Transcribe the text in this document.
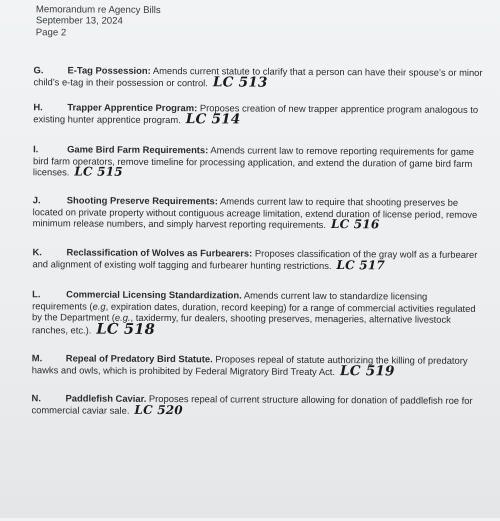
Memorandum re Agency Bills
September 13, 2024
Page 2

G.	E-Tag Possession: Amends current statute to clarify that a person can have their spouse’s or minor child’s e-tag in their possession or control. LC 513

H.	Trapper Apprentice Program: Proposes creation of new trapper apprentice program analogous to existing hunter apprentice program. LC 514

I.	Game Bird Farm Requirements: Amends current law to remove reporting requirements for game bird farm operators, remove timeline for processing application, and extend the duration of game bird farm licenses. LC 515

J.	Shooting Preserve Requirements: Amends current law to require that shooting preserves be located on private property without contiguous acreage limitation, extend duration of license period, remove minimum release numbers, and simply harvest reporting requirements. LC 516

K.	Reclassification of Wolves as Furbearers: Proposes classification of the gray wolf as a furbearer and alignment of existing wolf tagging and furbearer hunting restrictions. LC 517

L.	Commercial Licensing Standardization. Amends current law to standardize licensing requirements (e.g, expiration dates, duration, record keeping) for a range of commercial activities regulated by the Department (e.g., taxidermy, fur dealers, shooting preserves, menageries, alternative livestock ranches, etc.). LC 518

M.	Repeal of Predatory Bird Statute. Proposes repeal of statute authorizing the killing of predatory hawks and owls, which is prohibited by Federal Migratory Bird Treaty Act. LC 519

N.	Paddlefish Caviar. Proposes repeal of current structure allowing for donation of paddlefish roe for commercial caviar sale. LC 520
